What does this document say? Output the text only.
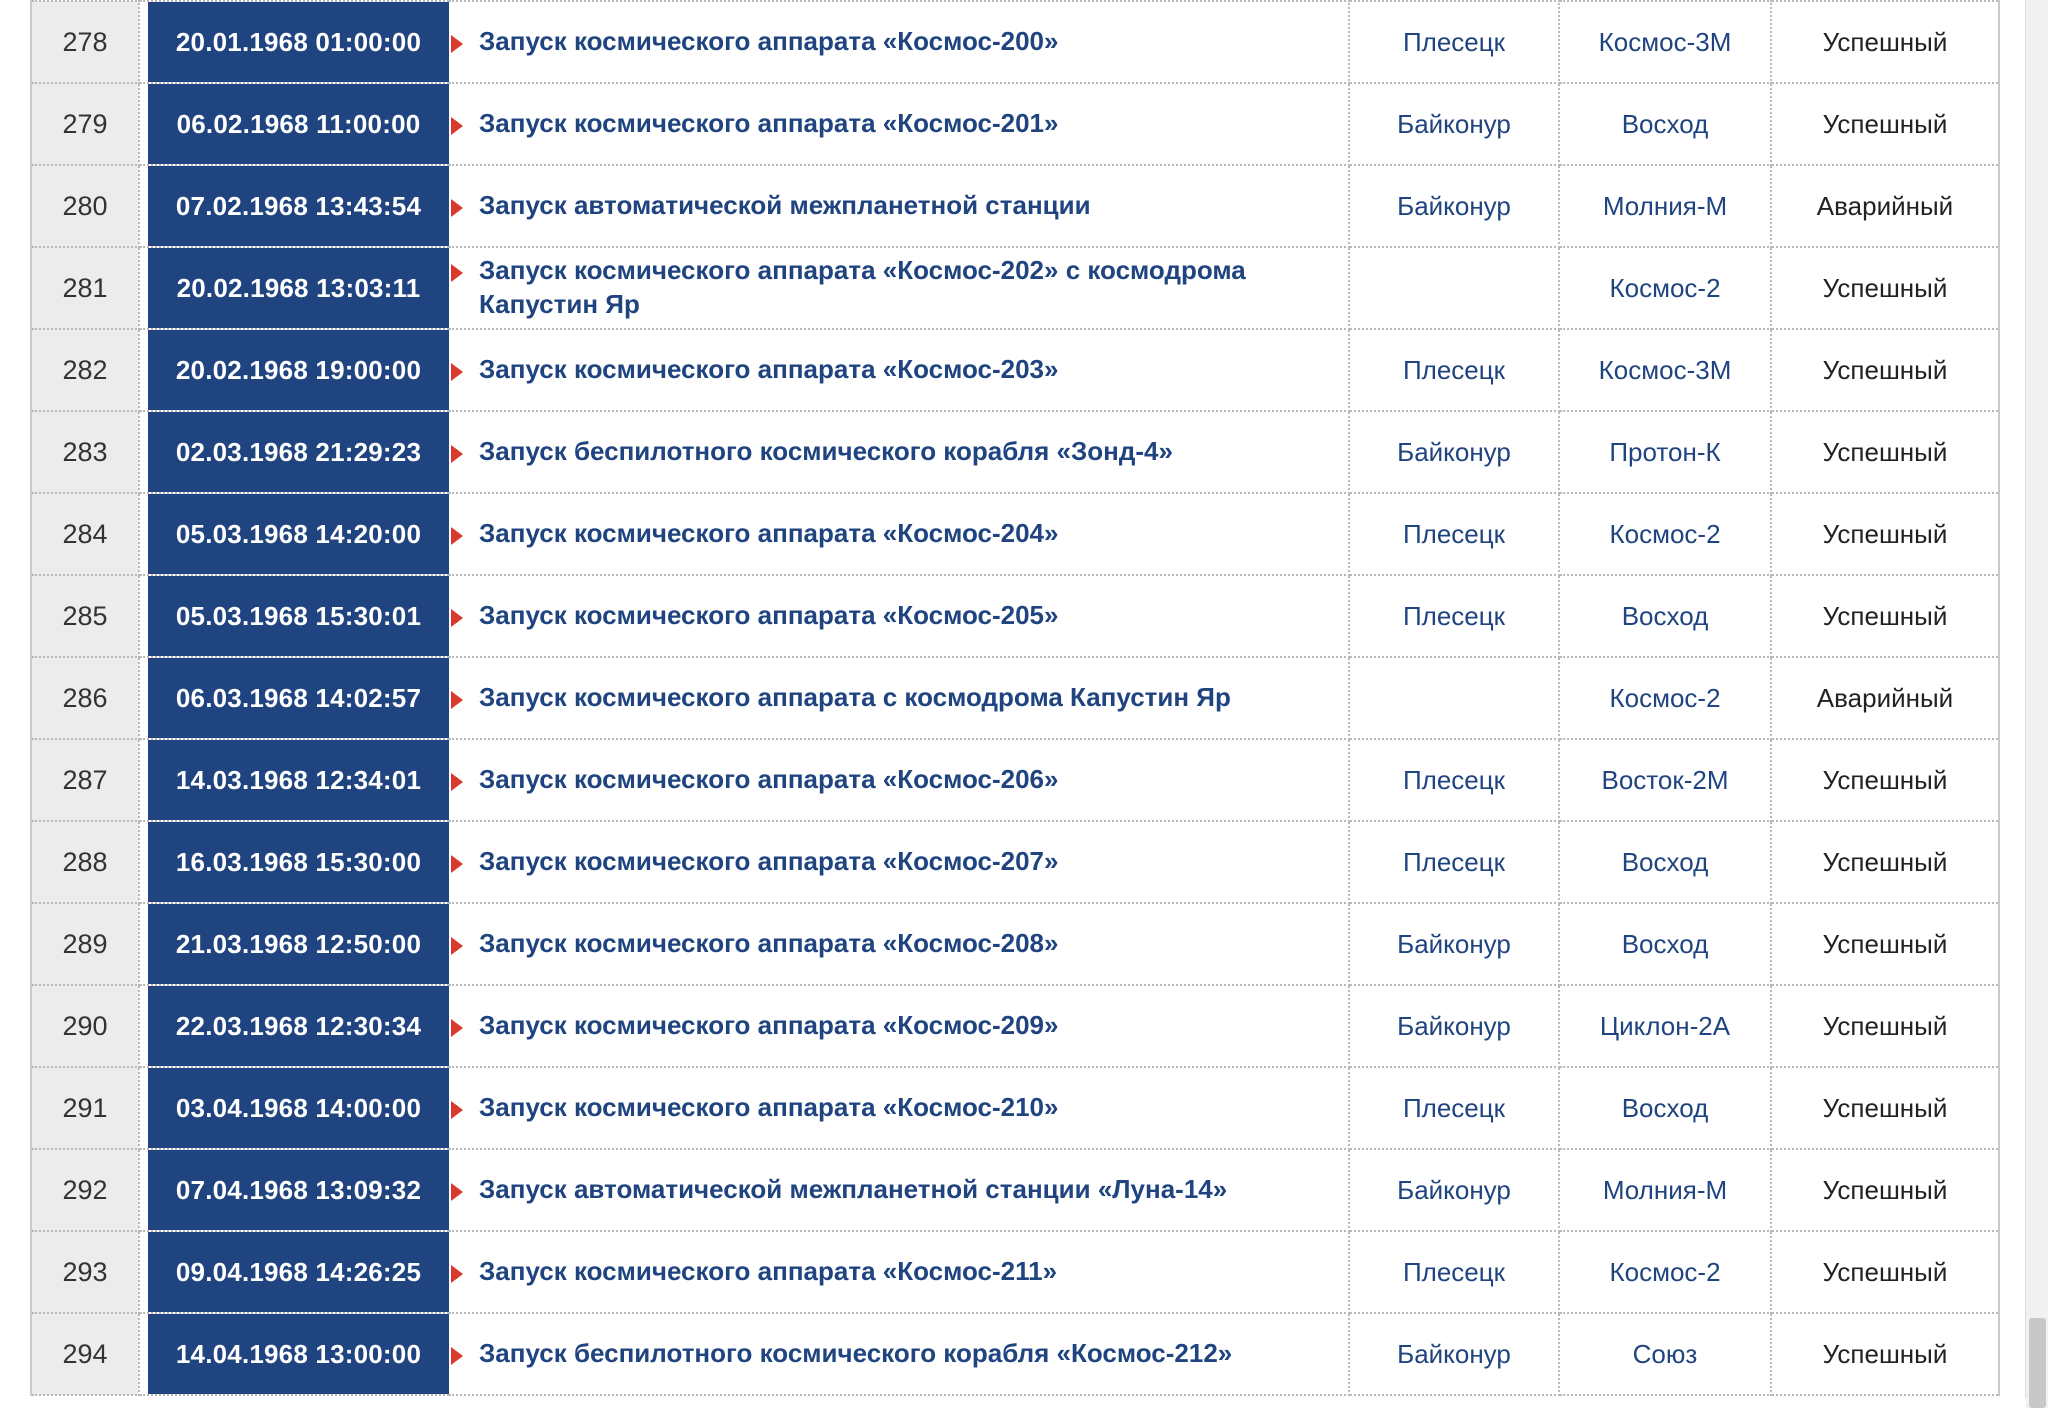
278	20.01.1968 01:00:00	Запуск космического аппарата «Космос-200»	Плесецк	Космос-3М	Успешный

279	06.02.1968 11:00:00	Запуск космического аппарата «Космос-201»	Байконур	Восход	Успешный

280	07.02.1968 13:43:54	Запуск автоматической межпланетной станции	Байконур	Молния-М	Аварийный

281	20.02.1968 13:03:11	Запуск космического аппарата «Космос-202» с космодрома Капустин Яр		Космос-2	Успешный

282	20.02.1968 19:00:00	Запуск космического аппарата «Космос-203»	Плесецк	Космос-3М	Успешный

283	02.03.1968 21:29:23	Запуск беспилотного космического корабля «Зонд-4»	Байконур	Протон-К	Успешный

284	05.03.1968 14:20:00	Запуск космического аппарата «Космос-204»	Плесецк	Космос-2	Успешный

285	05.03.1968 15:30:01	Запуск космического аппарата «Космос-205»	Плесецк	Восход	Успешный

286	06.03.1968 14:02:57	Запуск космического аппарата с космодрома Капустин Яр		Космос-2	Аварийный

287	14.03.1968 12:34:01	Запуск космического аппарата «Космос-206»	Плесецк	Восток-2М	Успешный

288	16.03.1968 15:30:00	Запуск космического аппарата «Космос-207»	Плесецк	Восход	Успешный

289	21.03.1968 12:50:00	Запуск космического аппарата «Космос-208»	Байконур	Восход	Успешный

290	22.03.1968 12:30:34	Запуск космического аппарата «Космос-209»	Байконур	Циклон-2А	Успешный

291	03.04.1968 14:00:00	Запуск космического аппарата «Космос-210»	Плесецк	Восход	Успешный

292	07.04.1968 13:09:32	Запуск автоматической межпланетной станции «Луна-14»	Байконур	Молния-М	Успешный

293	09.04.1968 14:26:25	Запуск космического аппарата «Космос-211»	Плесецк	Космос-2	Успешный

294	14.04.1968 13:00:00	Запуск беспилотного космического корабля «Космос-212»	Байконур	Союз	Успешный
